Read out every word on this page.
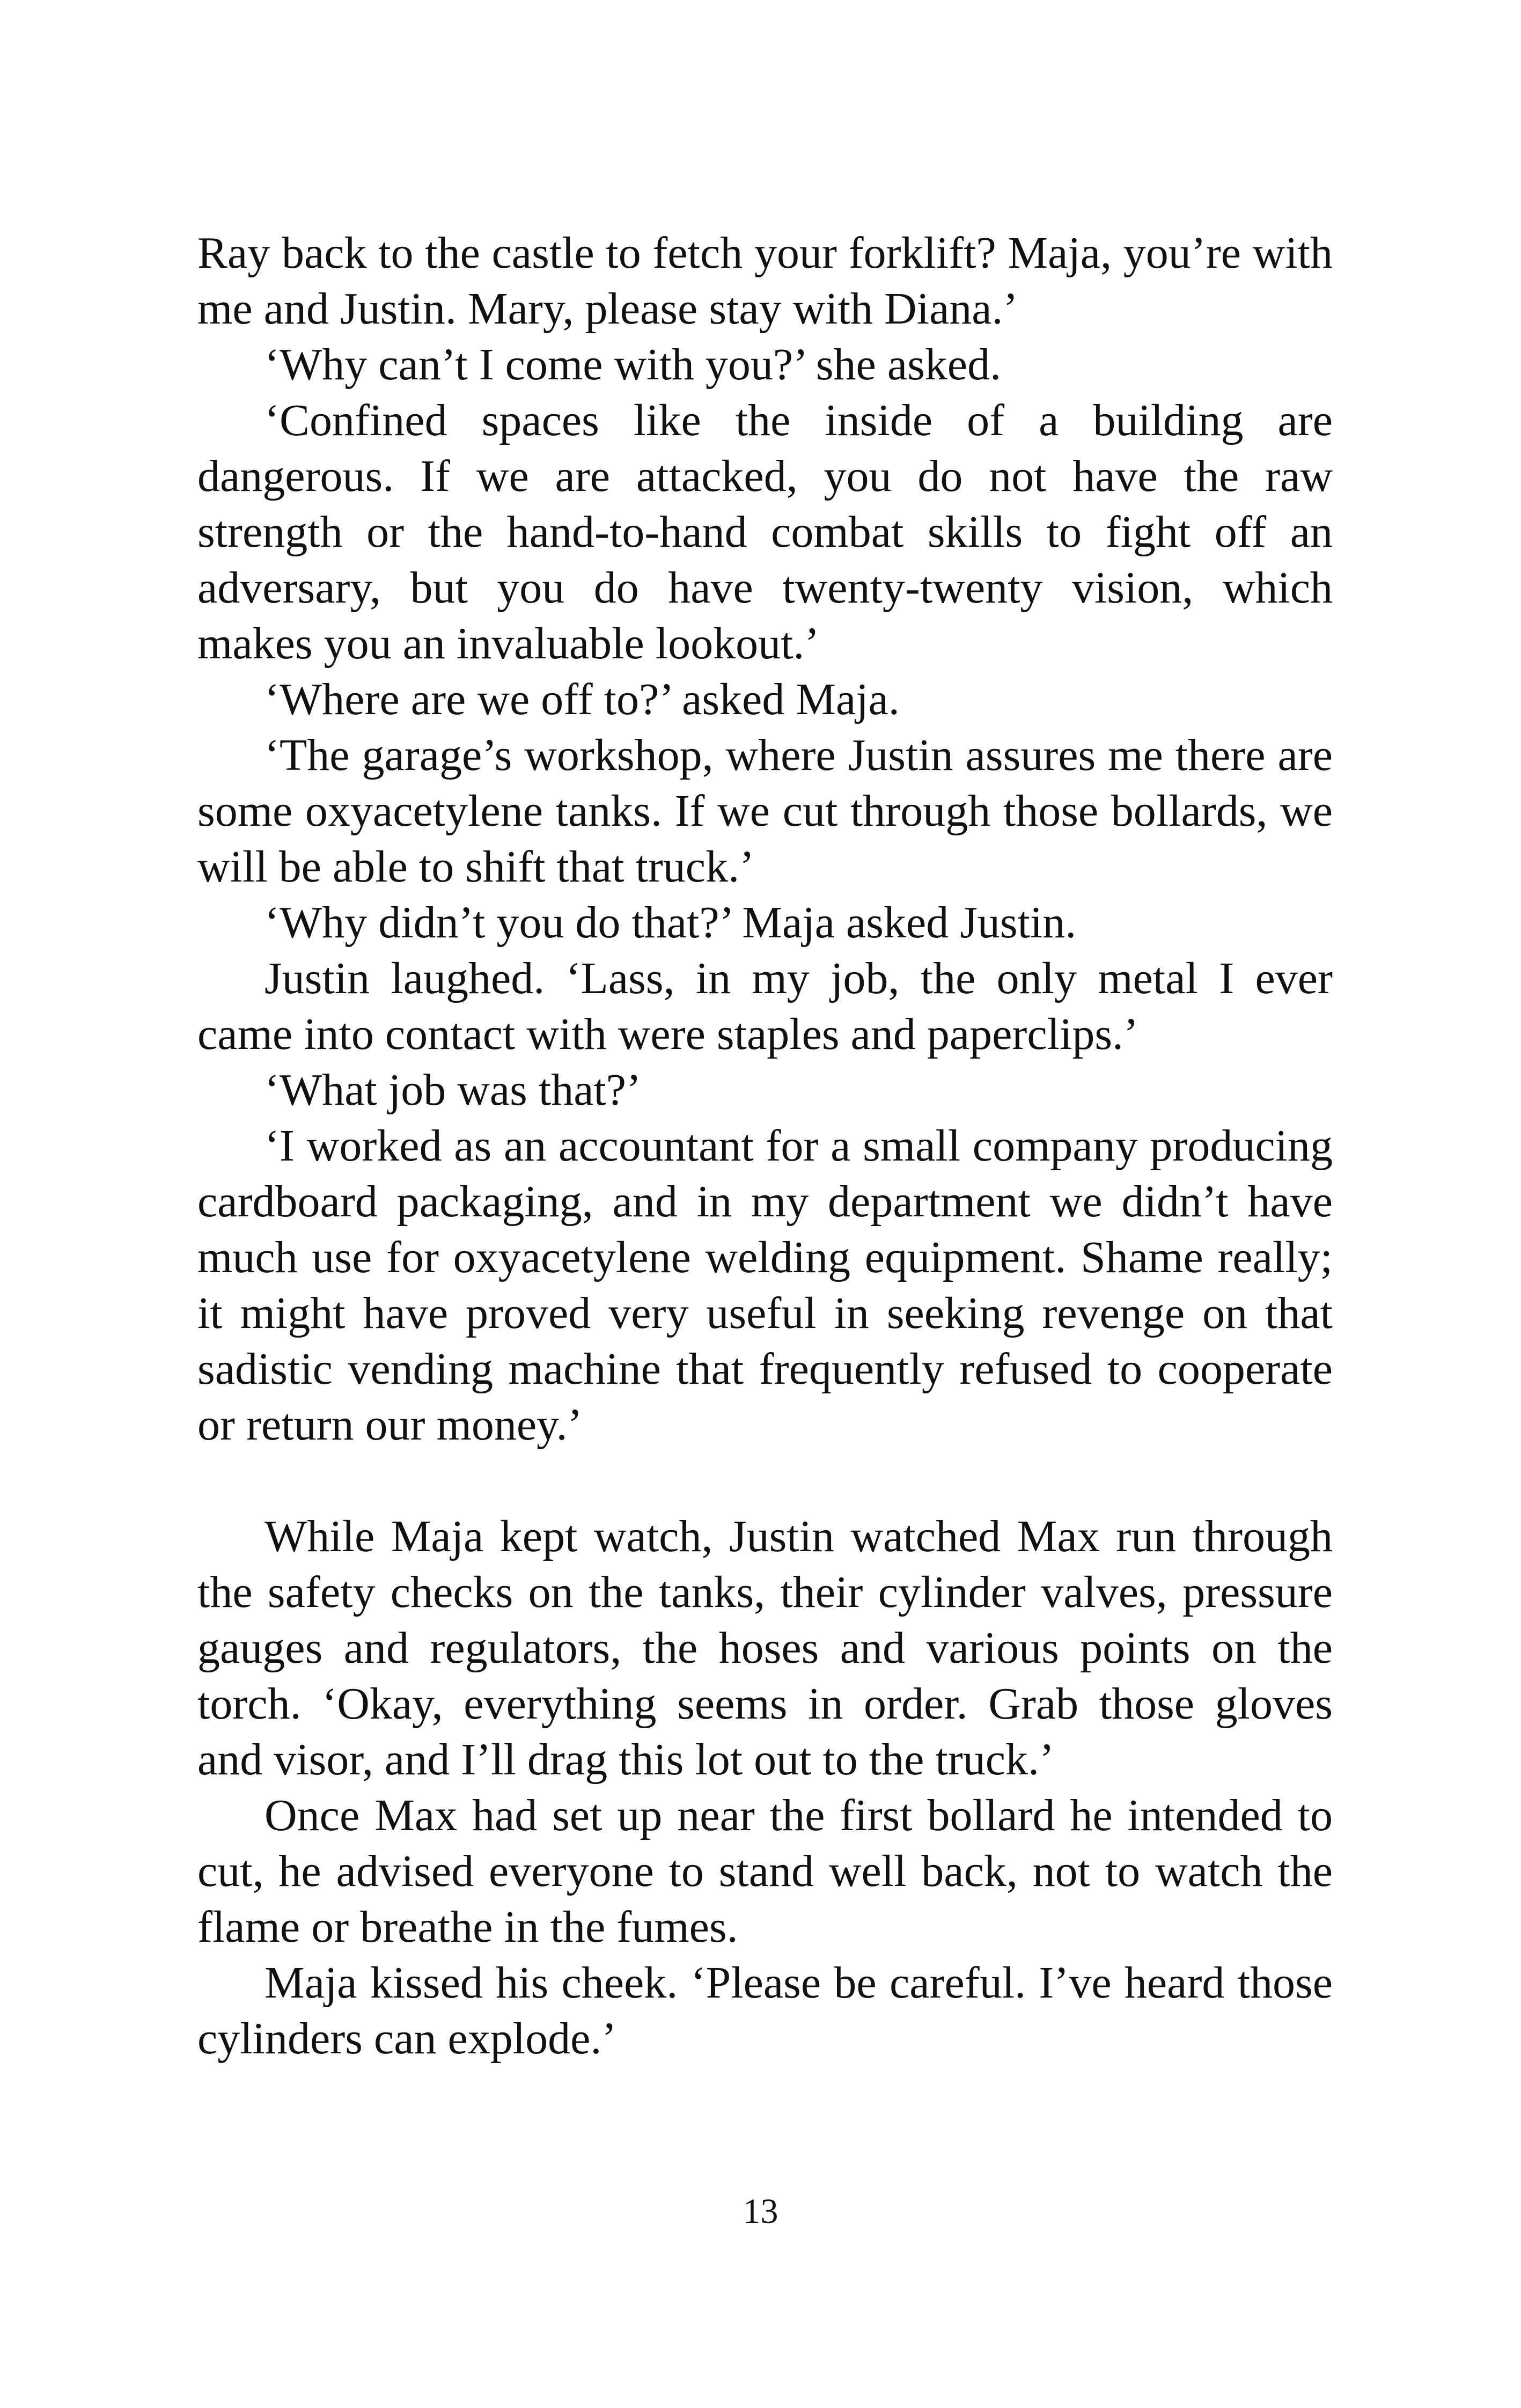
Ray back to the castle to fetch your forklift? Maja, you’re with me and Justin. Mary, please stay with Diana.’

‘Why can’t I come with you?’ she asked.

‘Confined spaces like the inside of a building are dangerous. If we are attacked, you do not have the raw strength or the hand-to-hand combat skills to fight off an adversary, but you do have twenty-twenty vision, which makes you an invaluable lookout.’

‘Where are we off to?’ asked Maja.

‘The garage’s workshop, where Justin assures me there are some oxyacetylene tanks. If we cut through those bollards, we will be able to shift that truck.’

‘Why didn’t you do that?’ Maja asked Justin.

Justin laughed. ‘Lass, in my job, the only metal I ever came into contact with were staples and paperclips.’

‘What job was that?’

‘I worked as an accountant for a small company producing cardboard packaging, and in my department we didn’t have much use for oxyacetylene welding equipment. Shame really; it might have proved very useful in seeking revenge on that sadistic vending machine that frequently refused to cooperate or return our money.’

While Maja kept watch, Justin watched Max run through the safety checks on the tanks, their cylinder valves, pressure gauges and regulators, the hoses and various points on the torch. ‘Okay, everything seems in order. Grab those gloves and visor, and I’ll drag this lot out to the truck.’

Once Max had set up near the first bollard he intended to cut, he advised everyone to stand well back, not to watch the flame or breathe in the fumes.

Maja kissed his cheek. ‘Please be careful. I’ve heard those cylinders can explode.’

13
